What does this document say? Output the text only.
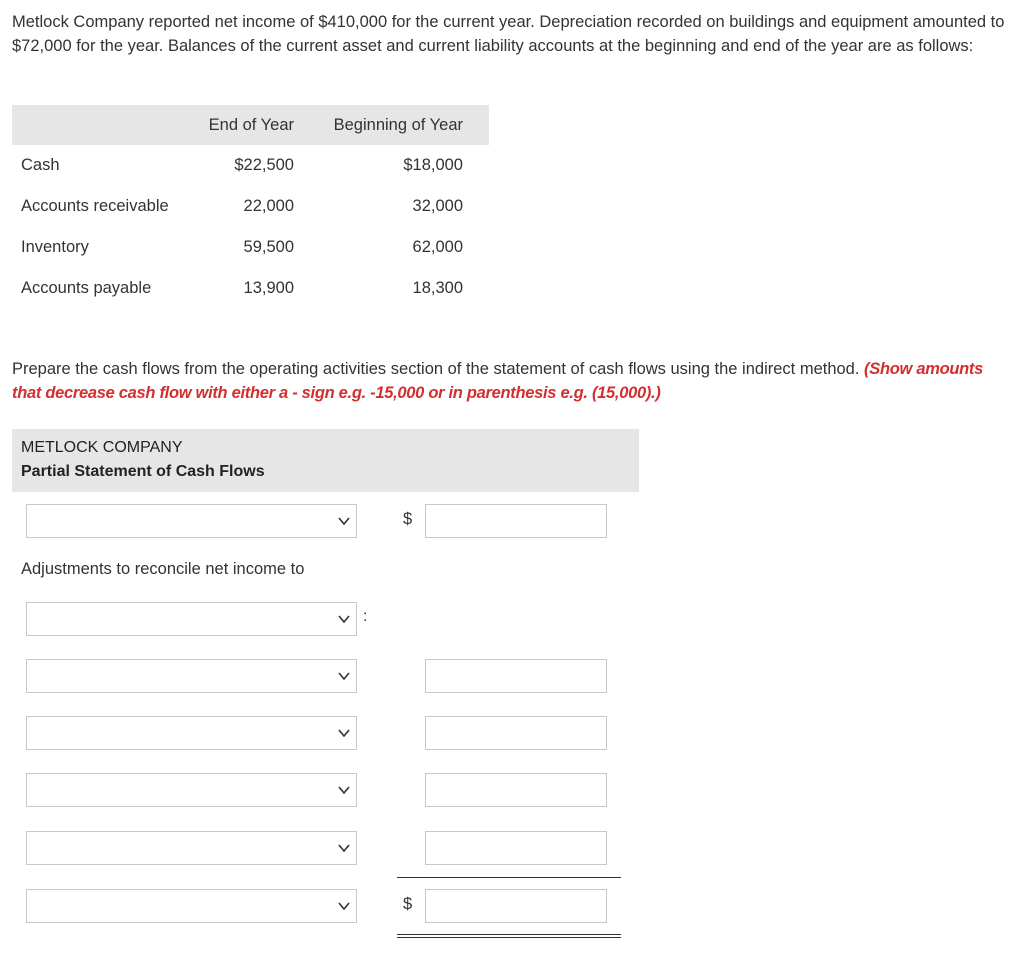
Metlock Company reported net income of $410,000 for the current year. Depreciation recorded on buildings and equipment amounted to $72,000 for the year. Balances of the current asset and current liability accounts at the beginning and end of the year are as follows:
End of Year Beginning of Year
Cash	$22,500	$18,000
Accounts receivable	22,000	32,000
Inventory	59,500	62,000
Accounts payable	13,900	18,300
Prepare the cash flows from the operating activities section of the statement of cash flows using the indirect method. (Show amounts that decrease cash flow with either a - sign e.g. -15,000 or in parenthesis e.g. (15,000).)
METLOCK COMPANY
Partial Statement of Cash Flows
$
Adjustments to reconcile net income to
:
$
